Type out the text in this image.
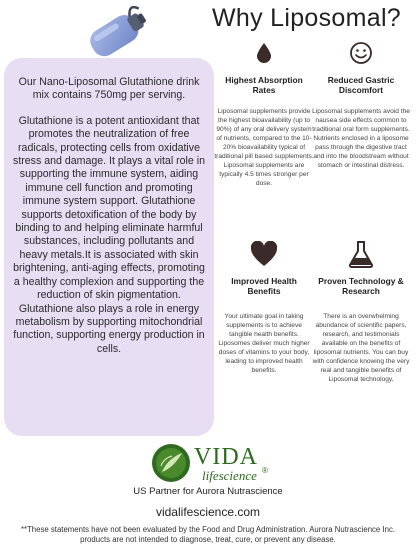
Why Liposomal?

Our Nano-Liposomal Glutathione drink mix contains 750mg per serving.

Glutathione is a potent antioxidant that promotes the neutralization of free radicals, protecting cells from oxidative stress and damage. It plays a vital role in supporting the immune system, aiding immune cell function and promoting immune system support. Glutathione supports detoxification of the body by binding to and helping eliminate harmful substances, including pollutants and heavy metals.It is associated with skin brightening, anti-aging effects, promoting a healthy complexion and supporting the reduction of skin pigmentation. Glutathione also plays a role in energy metabolism by supporting mitochondrial function, supporting energy production in cells.

Highest Absorption Rates
Liposomal supplements provide the highest bioavailability (up to 90%) of any oral delivery system of nutrients, compared to the 10-20% bioavailability typical of traditional pill based supplements. Liposomal supplements are typically 4.5 times stronger per dose.
Reduced Gastric Discomfort
Liposomal supplements avoid the nausea side effects common to traditional oral form supplements. Nutrients enclosed in a liposome pass through the digestive tract and into the bloodstream without stomach or intestinal distress.
Improved Health Benefits
Your ultimate goal in taking supplements is to achieve tangible health benefits. Liposomes deliver much higher doses of vitamins to your body, leading to improved health benefits.
Proven Technology & Research
There is an overwhelming abundance of scientific papers, research, and testimonials available on the benefits of liposomal nutrients. You can buy with confidence knowing the very real and tangible benefits of Liposomal technology.
VIDA
lifescience ®
US Partner for Aurora Nutrascience
vidalifescience.com
**These statements have not been evaluated by the Food and Drug Administration. Aurora Nutrascience Inc. products are not intended to diagnose, treat, cure, or prevent any disease.
